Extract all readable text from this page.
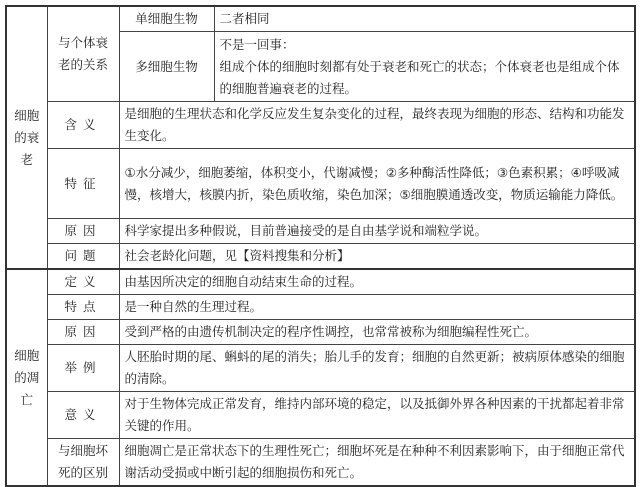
细胞的衰老	与个体衰老的关系	单细胞生物	二者相同
		多细胞生物	不是一回事：
组成个体的细胞时刻都有处于衰老和死亡的状态；个体衰老也是组成个体的细胞普遍衰老的过程。

	含义	是细胞的生理状态和化学反应发生复杂变化的过程，最终表现为细胞的形态、结构和功能发生变化。	
	特征	①水分减少，细胞萎缩，体积变小，代谢减慢；②多种酶活性降低；③色素积累；④呼吸减慢，核增大，核膜内折，染色质收缩，染色加深；⑤细胞膜通透改变，物质运输能力降低。	
	原因	科学家提出多种假说，目前普遍接受的是自由基学说和端粒学说。	
	问题	社会老龄化问题，见【资料搜集和分析】	
细胞的凋亡	定义	由基因所决定的细胞自动结束生命的过程。	
	特点	是一种自然的生理过程。	
	原因	受到严格的由遗传机制决定的程序性调控，也常常被称为细胞编程性死亡。	
	举例	人胚胎时期的尾、蝌蚪的尾的消失；胎儿手的发育；细胞的自然更新；被病原体感染的细胞的清除。	
	意义	对于生物体完成正常发育，维持内部环境的稳定，以及抵御外界各种因素的干扰都起着非常关键的作用。	
	与细胞坏死的区别	细胞凋亡是正常状态下的生理性死亡；细胞坏死是在种种不利因素影响下，由于细胞正常代谢活动受损或中断引起的细胞损伤和死亡。	
